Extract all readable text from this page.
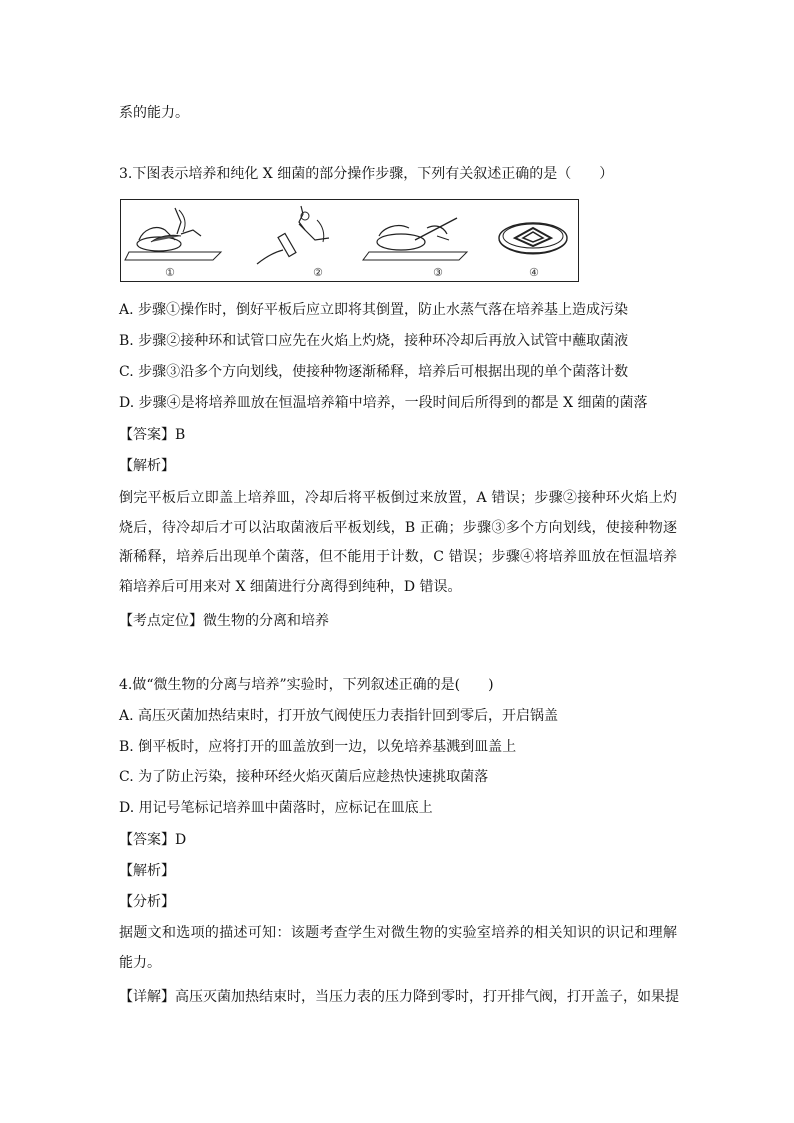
系的能力。
3.下图表示培养和纯化 X 细菌的部分操作步骤，下列有关叙述正确的是（　　）
①	②	③	④
A. 步骤①操作时，倒好平板后应立即将其倒置，防止水蒸气落在培养基上造成污染
B. 步骤②接种环和试管口应先在火焰上灼烧，接种环冷却后再放入试管中蘸取菌液
C. 步骤③沿多个方向划线，使接种物逐渐稀释，培养后可根据出现的单个菌落计数
D. 步骤④是将培养皿放在恒温培养箱中培养，一段时间后所得到的都是 X 细菌的菌落
【答案】B
【解析】
倒完平板后立即盖上培养皿，冷却后将平板倒过来放置，A 错误；步骤②接种环火焰上灼烧后，待冷却后才可以沾取菌液后平板划线，B 正确；步骤③多个方向划线，使接种物逐渐稀释，培养后出现单个菌落，但不能用于计数，C 错误；步骤④将培养皿放在恒温培养箱培养后可用来对 X 细菌进行分离得到纯种，D 错误。
【考点定位】微生物的分离和培养
4.做“微生物的分离与培养”实验时，下列叙述正确的是(　　)
A. 高压灭菌加热结束时，打开放气阀使压力表指针回到零后，开启锅盖
B. 倒平板时，应将打开的皿盖放到一边，以免培养基溅到皿盖上
C. 为了防止污染，接种环经火焰灭菌后应趁热快速挑取菌落
D. 用记号笔标记培养皿中菌落时，应标记在皿底上
【答案】D
【解析】
【分析】
据题文和选项的描述可知：该题考查学生对微生物的实验室培养的相关知识的识记和理解能力。
【详解】高压灭菌加热结束时，当压力表的压力降到零时，打开排气阀，打开盖子，如果提
